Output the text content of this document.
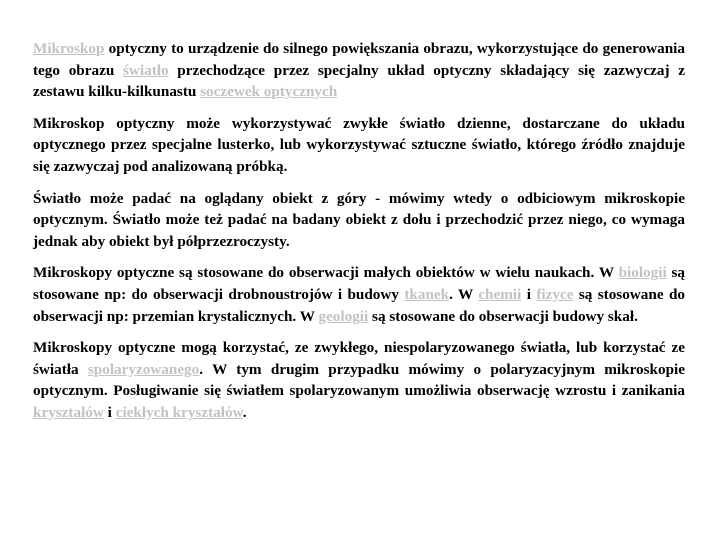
Mikroskop optyczny to urządzenie do silnego powiększania obrazu, wykorzystujące do generowania tego obrazu światło przechodzące przez specjalny układ optyczny składający się zazwyczaj z zestawu kilku-kilkunastu soczewek optycznych

Mikroskop optyczny może wykorzystywać zwykłe światło dzienne, dostarczane do układu optycznego przez specjalne lusterko, lub wykorzystywać sztuczne światło, którego źródło znajduje się zazwyczaj pod analizowaną próbką.

Światło może padać na oglądany obiekt z góry - mówimy wtedy o odbiciowym mikroskopie optycznym. Światło może też padać na badany obiekt z dołu i przechodzić przez niego, co wymaga jednak aby obiekt był półprzezroczysty.

Mikroskopy optyczne są stosowane do obserwacji małych obiektów w wielu naukach. W biologii są stosowane np: do obserwacji drobnoustrojów i budowy tkanek. W chemii i fizyce są stosowane do obserwacji np: przemian krystalicznych. W geologii są stosowane do obserwacji budowy skał.

Mikroskopy optyczne mogą korzystać, ze zwykłego, niespolaryzowanego światła, lub korzystać ze światła spolaryzowanego. W tym drugim przypadku mówimy o polaryzacyjnym mikroskopie optycznym. Posługiwanie się światłem spolaryzowanym umożliwia obserwację wzrostu i zanikania kryształów i ciekłych kryształów.
